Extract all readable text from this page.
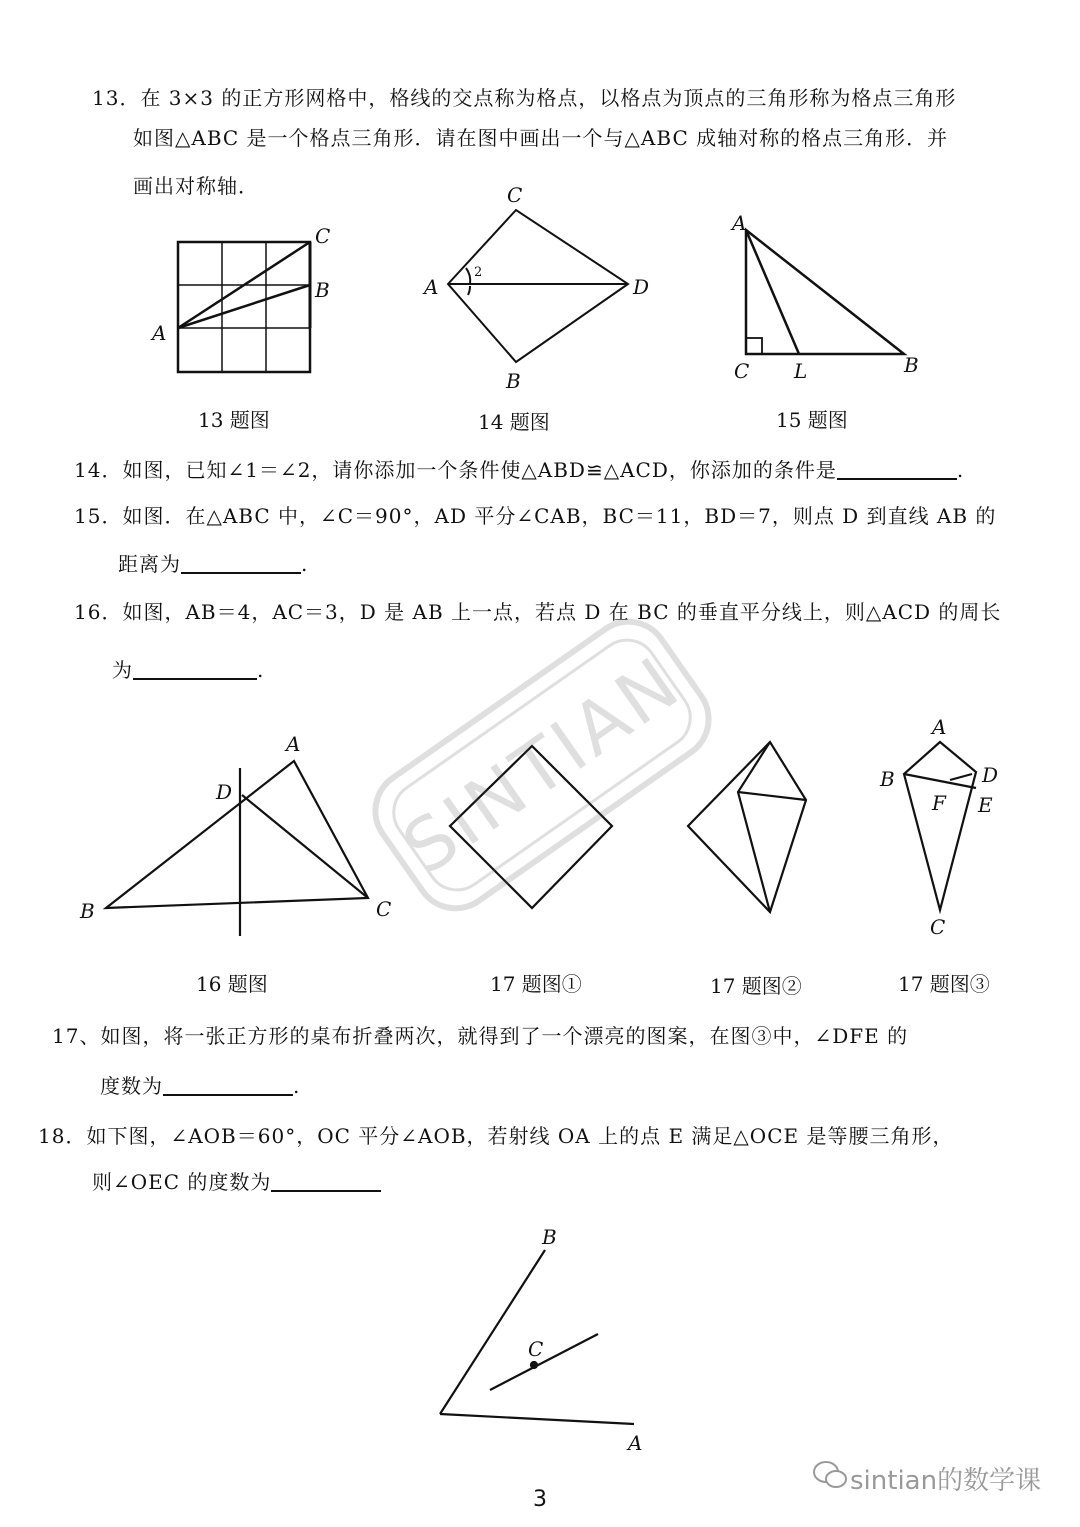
13．在 3×3 的正方形网格中，格线的交点称为格点，以格点为顶点的三角形称为格点三角形
如图△ABC 是一个格点三角形．请在图中画出一个与△ABC 成轴对称的格点三角形．并
画出对称轴．
A
B
C
C
A	D
B
2
A
C L	B
A
D
B	C
A
B	D
F E
C
B
C
A
SINTIAN
13 题图	14 题图	15 题图
14．如图，已知∠1＝∠2，请你添加一个条件使△ABD≌△ACD，你添加的条件是	.
15．如图．在△ABC 中，∠C＝90°，AD 平分∠CAB，BC＝11，BD＝7，则点 D 到直线 AB 的
距离为	.
16．如图，AB＝4，AC＝3，D 是 AB 上一点，若点 D 在 BC 的垂直平分线上，则△ACD 的周长
为	.
16 题图	17 题图①	17 题图②	17 题图③
17、如图，将一张正方形的桌布折叠两次，就得到了一个漂亮的图案，在图③中，∠DFE 的
度数为	.
18．如下图，∠AOB＝60°，OC 平分∠AOB，若射线 OA 上的点 E 满足△OCE 是等腰三角形，
则∠OEC 的度数为
3
sintian的数学课
